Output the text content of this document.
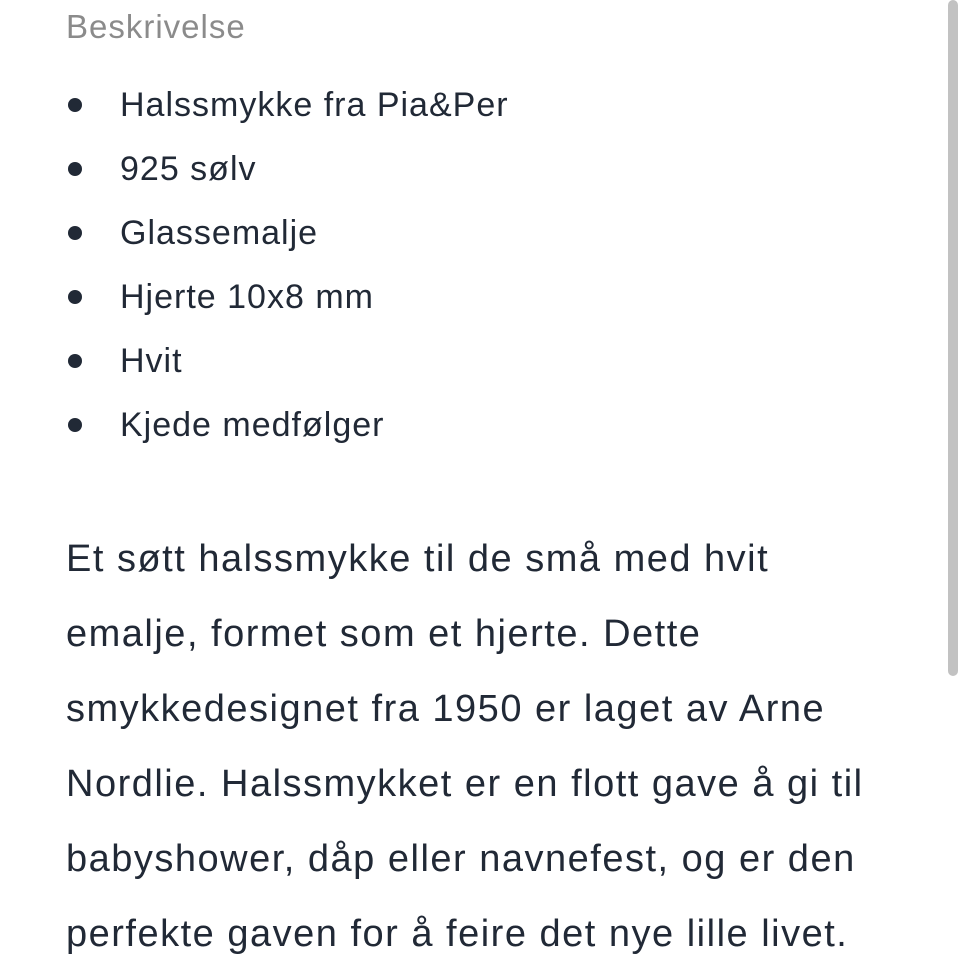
Beskrivelse
Halssmykke fra Pia&Per
925 sølv
Glassemalje
Hjerte 10x8 mm
Hvit
Kjede medfølger
Et søtt halssmykke til de små med hvit
emalje, formet som et hjerte. Dette
smykkedesignet fra 1950 er laget av Arne
Nordlie. Halssmykket er en flott gave å gi til
babyshower, dåp eller navnefest, og er den
perfekte gaven for å feire det nye lille livet.
